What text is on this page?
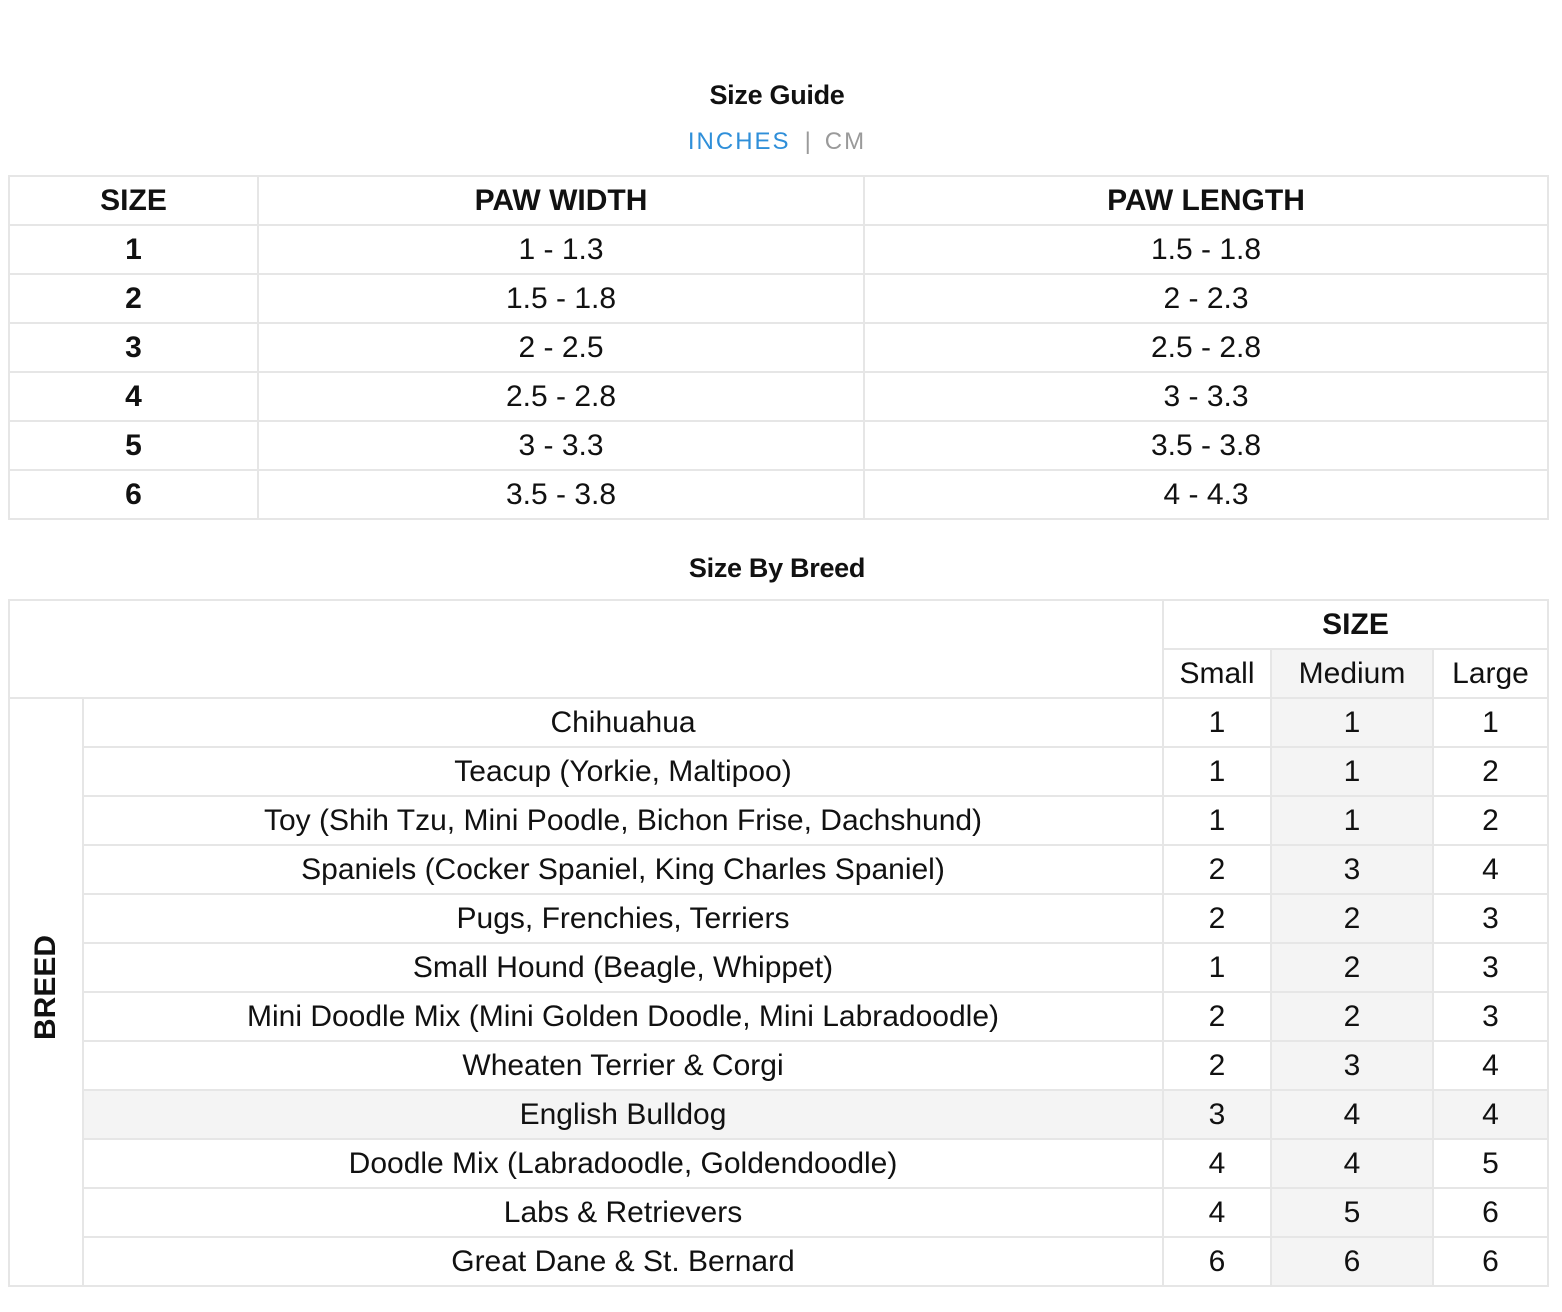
Size Guide
INCHES | CM
SIZE	PAW WIDTH	PAW LENGTH
1	1 - 1.3	1.5 - 1.8
2	1.5 - 1.8	2 - 2.3
3	2 - 2.5	2.5 - 2.8
4	2.5 - 2.8	3 - 3.3
5	3 - 3.3	3.5 - 3.8
6	3.5 - 3.8	4 - 4.3
Size By Breed
		SIZE		
		Small	Medium	Large
BREED	Chihuahua	1	1	1
	Teacup (Yorkie, Maltipoo)	1	1	2
	Toy (Shih Tzu, Mini Poodle, Bichon Frise, Dachshund)	1	1	2
	Spaniels (Cocker Spaniel, King Charles Spaniel)	2	3	4
	Pugs, Frenchies, Terriers	2	2	3
	Small Hound (Beagle, Whippet)	1	2	3
	Mini Doodle Mix (Mini Golden Doodle, Mini Labradoodle)	2	2	3
	Wheaten Terrier & Corgi	2	3	4
	English Bulldog	3	4	4
	Doodle Mix (Labradoodle, Goldendoodle)	4	4	5
	Labs & Retrievers	4	5	6
	Great Dane & St. Bernard	6	6	6
